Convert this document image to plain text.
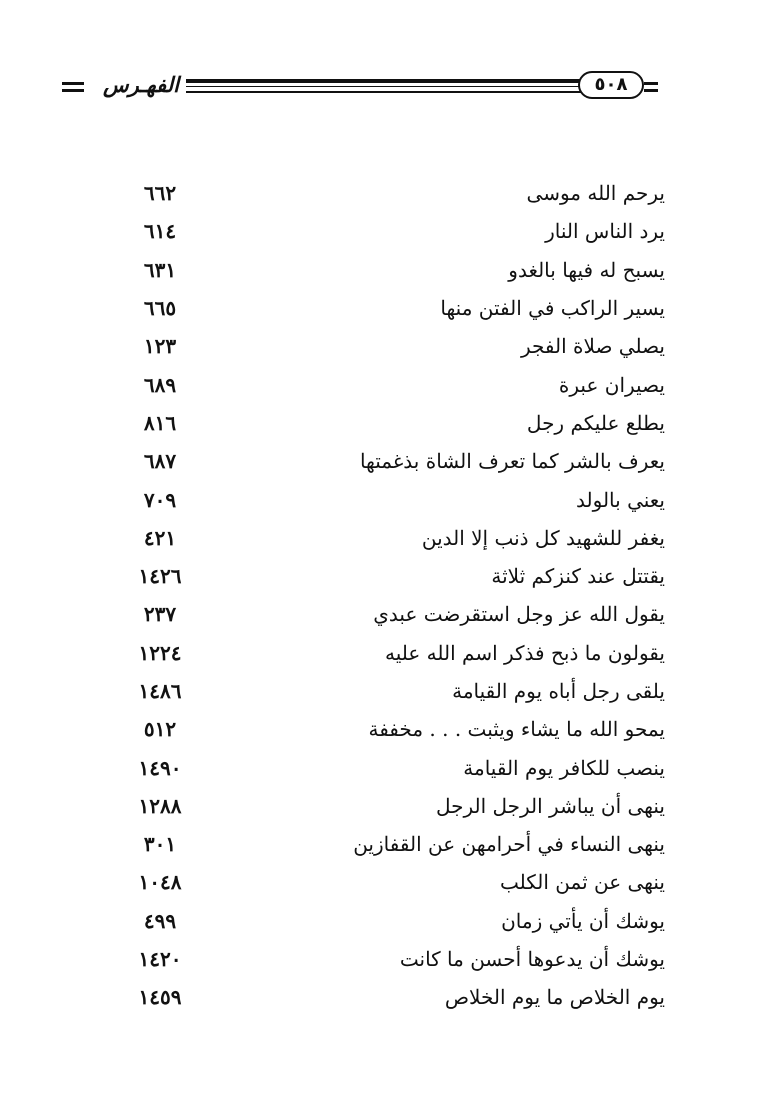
الفهـرس	٥٠٨
٦٦٢	يرحم الله موسى
٦١٤	يرد الناس النار
٦٣١	يسبح له فيها بالغدو
٦٦٥	يسير الراكب في الفتن منها
١٢٣	يصلي صلاة الفجر
٦٨٩	يصيران عبرة
٨١٦	يطلع عليكم رجل
٦٨٧	يعرف بالشر كما تعرف الشاة بذغمتها
٧٠٩	يعني بالولد
٤٢١	يغفر للشهيد كل ذنب إلا الدين
١٤٢٦	يقتتل عند كنزكم ثلاثة
٢٣٧	يقول الله عز وجل استقرضت عبدي
١٢٢٤	يقولون ما ذبح فذكر اسم الله عليه
١٤٨٦	يلقى رجل أباه يوم القيامة
٥١٢	يمحو الله ما يشاء ويثبت . . . مخففة
١٤٩٠	ينصب للكافر يوم القيامة
١٢٨٨	ينهى أن يباشر الرجل الرجل
٣٠١	ينهى النساء في أحرامهن عن القفازين
١٠٤٨	ينهى عن ثمن الكلب
٤٩٩	يوشك أن يأتي زمان
١٤٢٠	يوشك أن يدعوها أحسن ما كانت
١٤٥٩	يوم الخلاص ما يوم الخلاص
